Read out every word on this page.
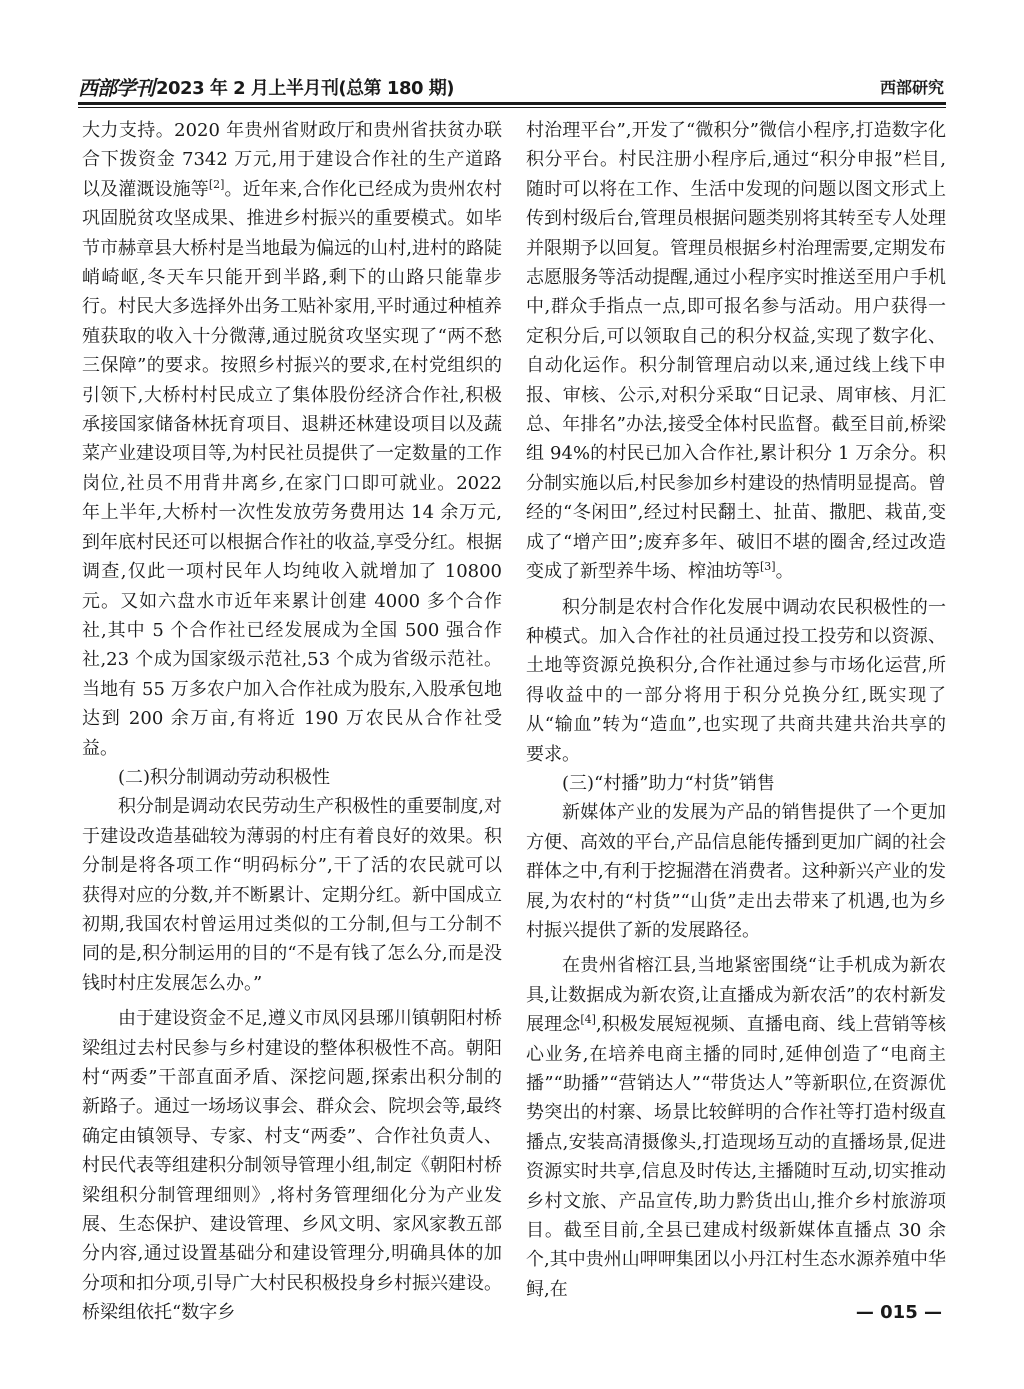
西部学刊 2023 年 2 月上半月刊(总第 180 期)	西部研究

大力支持。2020 年贵州省财政厅和贵州省扶贫办联合下拨资金 7342 万元,用于建设合作社的生产道路以及灌溉设施等[2]。近年来,合作化已经成为贵州农村巩固脱贫攻坚成果、推进乡村振兴的重要模式。如毕节市赫章县大桥村是当地最为偏远的山村,进村的路陡峭崎岖,冬天车只能开到半路,剩下的山路只能靠步行。村民大多选择外出务工贴补家用,平时通过种植养殖获取的收入十分微薄,通过脱贫攻坚实现了“两不愁三保障”的要求。按照乡村振兴的要求,在村党组织的引领下,大桥村村民成立了集体股份经济合作社,积极承接国家储备林抚育项目、退耕还林建设项目以及蔬菜产业建设项目等,为村民社员提供了一定数量的工作岗位,社员不用背井离乡,在家门口即可就业。2022 年上半年,大桥村一次性发放劳务费用达 14 余万元,到年底村民还可以根据合作社的收益,享受分红。根据调查,仅此一项村民年人均纯收入就增加了 10800 元。又如六盘水市近年来累计创建 4000 多个合作社,其中 5 个合作社已经发展成为全国 500 强合作社,23 个成为国家级示范社,53 个成为省级示范社。当地有 55 万多农户加入合作社成为股东,入股承包地达到 200 余万亩,有将近 190 万农民从合作社受益。

(二)积分制调动劳动积极性

积分制是调动农民劳动生产积极性的重要制度,对于建设改造基础较为薄弱的村庄有着良好的效果。积分制是将各项工作“明码标分”,干了活的农民就可以获得对应的分数,并不断累计、定期分红。新中国成立初期,我国农村曾运用过类似的工分制,但与工分制不同的是,积分制运用的目的“不是有钱了怎么分,而是没钱时村庄发展怎么办。”

由于建设资金不足,遵义市凤冈县琊川镇朝阳村桥梁组过去村民参与乡村建设的整体积极性不高。朝阳村“两委”干部直面矛盾、深挖问题,探索出积分制的新路子。通过一场场议事会、群众会、院坝会等,最终确定由镇领导、专家、村支“两委”、合作社负责人、村民代表等组建积分制领导管理小组,制定《朝阳村桥梁组积分制管理细则》,将村务管理细化分为产业发展、生态保护、建设管理、乡风文明、家风家教五部分内容,通过设置基础分和建设管理分,明确具体的加分项和扣分项,引导广大村民积极投身乡村振兴建设。桥梁组依托“数字乡

村治理平台”,开发了“微积分”微信小程序,打造数字化积分平台。村民注册小程序后,通过“积分申报”栏目,随时可以将在工作、生活中发现的问题以图文形式上传到村级后台,管理员根据问题类别将其转至专人处理并限期予以回复。管理员根据乡村治理需要,定期发布志愿服务等活动提醒,通过小程序实时推送至用户手机中,群众手指点一点,即可报名参与活动。用户获得一定积分后,可以领取自己的积分权益,实现了数字化、自动化运作。积分制管理启动以来,通过线上线下申报、审核、公示,对积分采取“日记录、周审核、月汇总、年排名”办法,接受全体村民监督。截至目前,桥梁组 94%的村民已加入合作社,累计积分 1 万余分。积分制实施以后,村民参加乡村建设的热情明显提高。曾经的“冬闲田”,经过村民翻土、扯苗、撒肥、栽苗,变成了“增产田”;废弃多年、破旧不堪的圈舍,经过改造变成了新型养牛场、榨油坊等[3]。

积分制是农村合作化发展中调动农民积极性的一种模式。加入合作社的社员通过投工投劳和以资源、土地等资源兑换积分,合作社通过参与市场化运营,所得收益中的一部分将用于积分兑换分红,既实现了从“输血”转为“造血”,也实现了共商共建共治共享的要求。

(三)“村播”助力“村货”销售

新媒体产业的发展为产品的销售提供了一个更加方便、高效的平台,产品信息能传播到更加广阔的社会群体之中,有利于挖掘潜在消费者。这种新兴产业的发展,为农村的“村货”“山货”走出去带来了机遇,也为乡村振兴提供了新的发展路径。

在贵州省榕江县,当地紧密围绕“让手机成为新农具,让数据成为新农资,让直播成为新农活”的农村新发展理念[4],积极发展短视频、直播电商、线上营销等核心业务,在培养电商主播的同时,延伸创造了“电商主播”“助播”“营销达人”“带货达人”等新职位,在资源优势突出的村寨、场景比较鲜明的合作社等打造村级直播点,安装高清摄像头,打造现场互动的直播场景,促进资源实时共享,信息及时传达,主播随时互动,切实推动乡村文旅、产品宣传,助力黔货出山,推介乡村旅游项目。截至目前,全县已建成村级新媒体直播点 30 余个,其中贵州山呷呷集团以小丹江村生态水源养殖中华鲟,在

— 015 —
